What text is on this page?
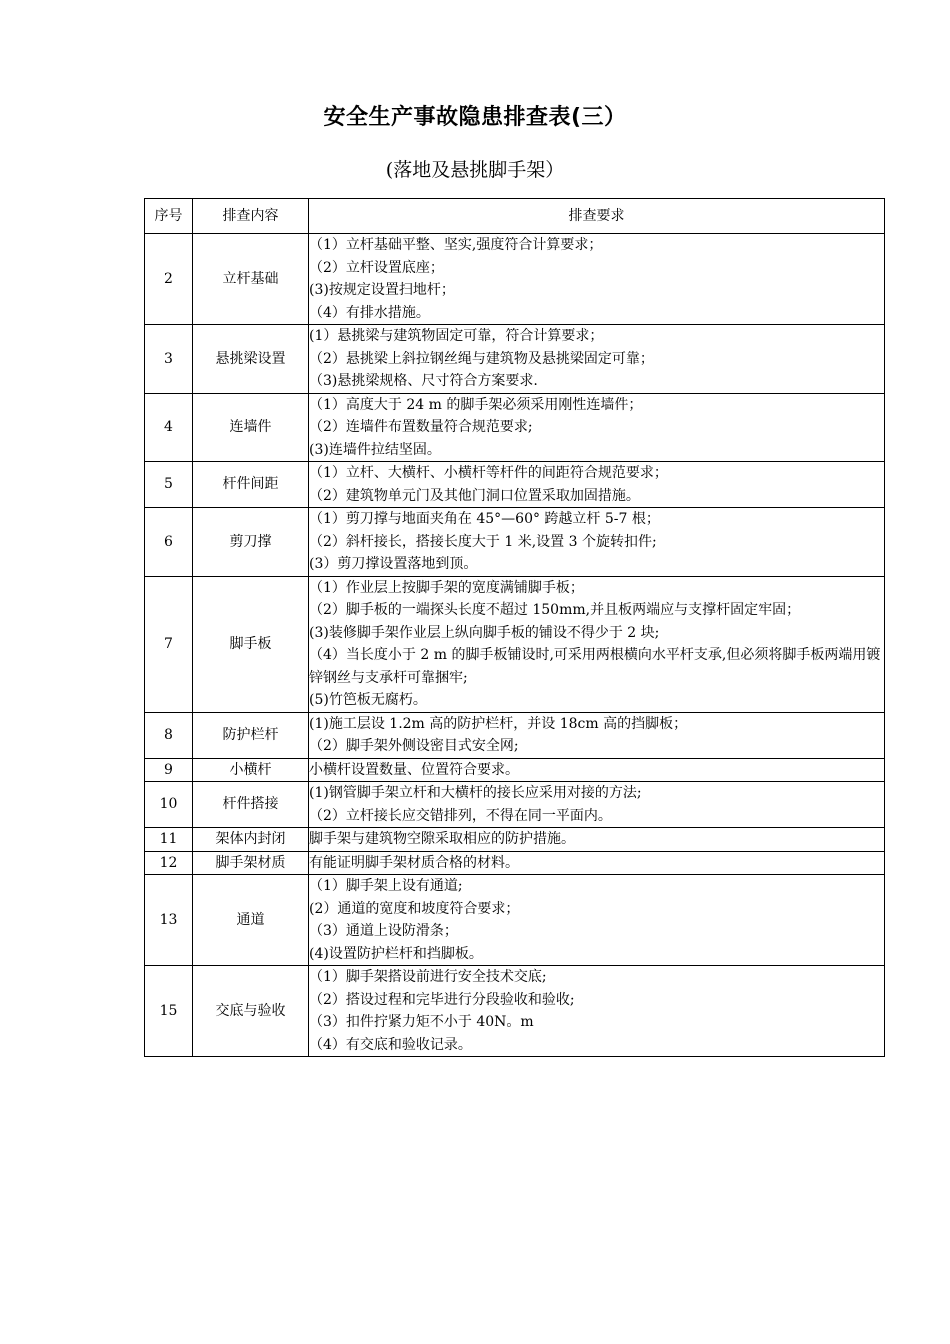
安全生产事故隐患排查表(三）
(落地及悬挑脚手架）
序号	排查内容	排查要求
2	立杆基础	（1）立杆基础平整、坚实,强度符合计算要求；
（2）立杆设置底座；
(3)按规定设置扫地杆；
（4）有排水措施。

3	悬挑梁设置	(1）悬挑梁与建筑物固定可靠，符合计算要求；
（2）悬挑梁上斜拉钢丝绳与建筑物及悬挑梁固定可靠；
（3)悬挑梁规格、尺寸符合方案要求.

4	连墙件	（1）高度大于 24 m 的脚手架必须采用刚性连墙件；
（2）连墙件布置数量符合规范要求;
(3)连墙件拉结坚固。

5	杆件间距	（1）立杆、大横杆、小横杆等杆件的间距符合规范要求；
（2）建筑物单元门及其他门洞口位置采取加固措施。

6	剪刀撑	（1）剪刀撑与地面夹角在 45°—60° 跨越立杆 5-7 根；
（2）斜杆接长，搭接长度大于 1 米,设置 3 个旋转扣件;
(3）剪刀撑设置落地到顶。

7	脚手板	（1）作业层上按脚手架的宽度满铺脚手板；
（2）脚手板的一端探头长度不超过 150mm,并且板两端应与支撑杆固定牢固；
(3)装修脚手架作业层上纵向脚手板的铺设不得少于 2 块;
（4）当长度小于 2 m 的脚手板铺设时,可采用两根横向水平杆支承,但必须将脚手板两端用镀锌钢丝与支承杆可靠捆牢;
(5)竹笆板无腐朽。

8	防护栏杆	(1)施工层设 1.2m 高的防护栏杆，并设 18cm 高的挡脚板；
（2）脚手架外侧设密目式安全网;

9	小横杆	小横杆设置数量、位置符合要求。

10	杆件搭接	(1)钢管脚手架立杆和大横杆的接长应采用对接的方法;
（2）立杆接长应交错排列，不得在同一平面内。

11	架体内封闭	脚手架与建筑物空隙采取相应的防护措施。

12	脚手架材质	有能证明脚手架材质合格的材料。

13	通道	（1）脚手架上设有通道;
(2）通道的宽度和坡度符合要求；
（3）通道上设防滑条；
(4)设置防护栏杆和挡脚板。

15	交底与验收	（1）脚手架搭设前进行安全技术交底;
（2）搭设过程和完毕进行分段验收和验收;
（3）扣件拧紧力矩不小于 40N。m
（4）有交底和验收记录。
